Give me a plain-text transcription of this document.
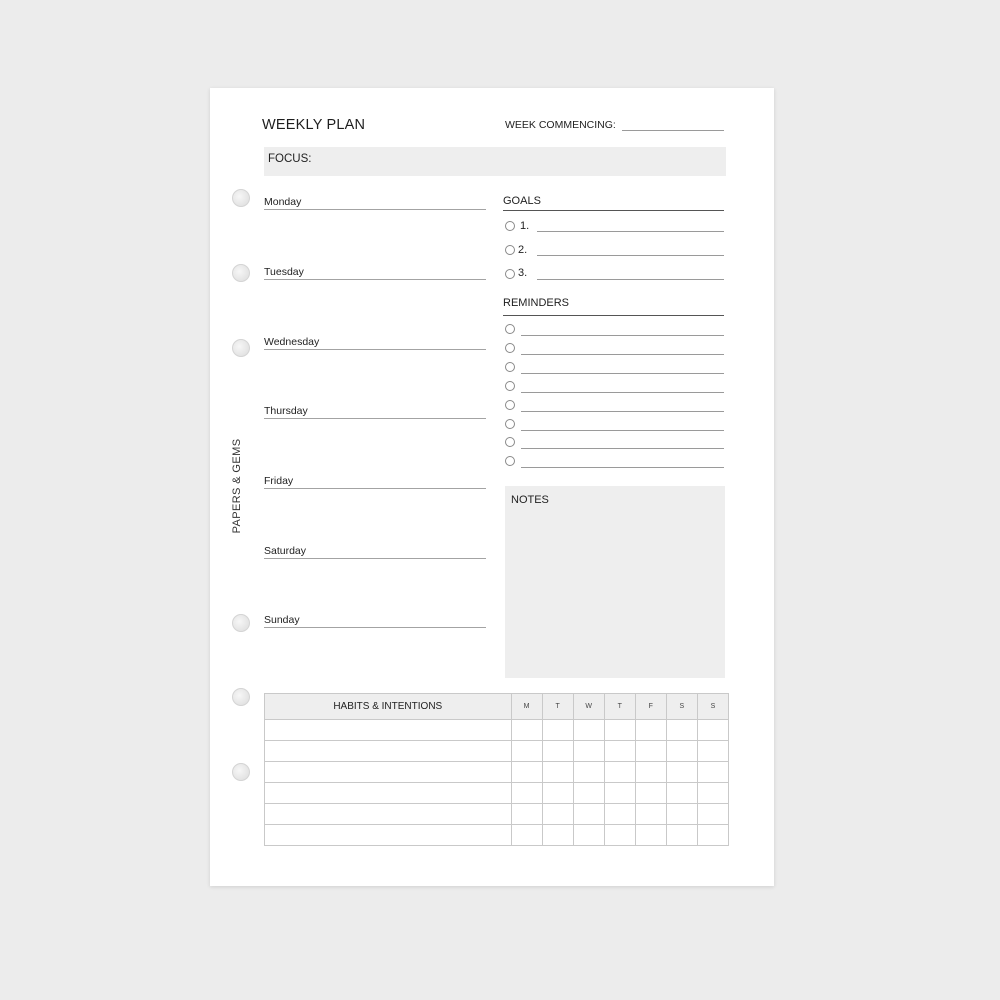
PAPERS & GEMS
WEEKLY PLAN	WEEK COMMENCING:
FOCUS:
Monday
Tuesday
Wednesday
Thursday
Friday
Saturday
Sunday
GOALS
1.
2.
3.
REMINDERS
NOTES
HABITS & INTENTIONS	M	T	W	T	F	S	S
